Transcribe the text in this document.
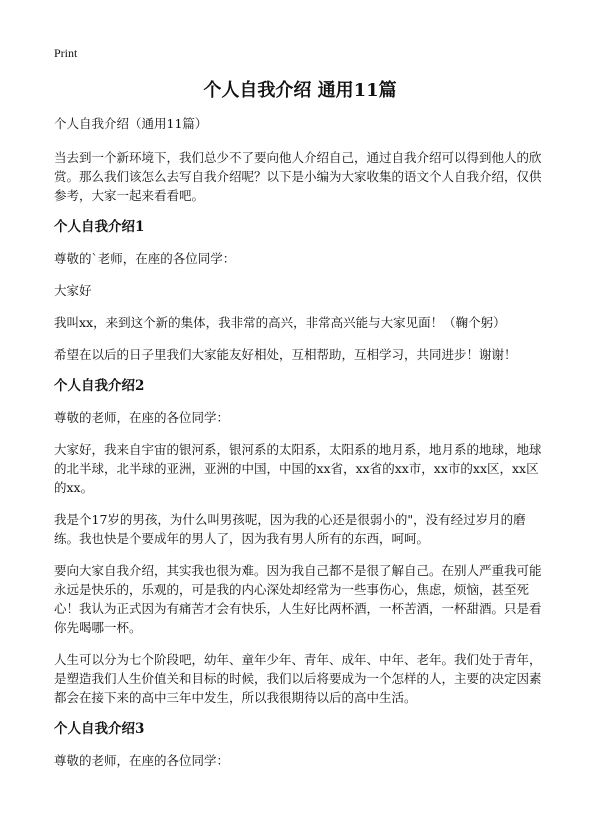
Print
个人自我介绍 通用11篇

个人自我介绍（通用11篇）

当去到一个新环境下，我们总少不了要向他人介绍自己，通过自我介绍可以得到他人的欣赏。那么我们该怎么去写自我介绍呢？以下是小编为大家收集的语文个人自我介绍，仅供参考，大家一起来看看吧。

个人自我介绍1

尊敬的`老师，在座的各位同学：

大家好

我叫xx，来到这个新的集体，我非常的高兴，非常高兴能与大家见面！（鞠个躬）

希望在以后的日子里我们大家能友好相处，互相帮助，互相学习，共同进步！谢谢！

个人自我介绍2

尊敬的老师，在座的各位同学：

大家好，我来自宇宙的银河系，银河系的太阳系，太阳系的地月系，地月系的地球，地球的北半球，北半球的亚洲，亚洲的中国，中国的xx省，xx省的xx市，xx市的xx区，xx区的xx。

我是个17岁的男孩，为什么叫男孩呢，因为我的心还是很弱小的"，没有经过岁月的磨练。我也快是个要成年的男人了，因为我有男人所有的东西，呵呵。

要向大家自我介绍，其实我也很为难。因为我自己都不是很了解自己。在别人严重我可能永远是快乐的，乐观的，可是我的内心深处却经常为一些事伤心，焦虑，烦恼，甚至死心！我认为正式因为有痛苦才会有快乐，人生好比两杯酒，一杯苦酒，一杯甜酒。只是看你先喝哪一杯。

人生可以分为七个阶段吧，幼年、童年少年、青年、成年、中年、老年。我们处于青年，是塑造我们人生价值关和目标的时候，我们以后将要成为一个怎样的人，主要的决定因素都会在接下来的高中三年中发生，所以我很期待以后的高中生活。

个人自我介绍3

尊敬的老师，在座的各位同学：
